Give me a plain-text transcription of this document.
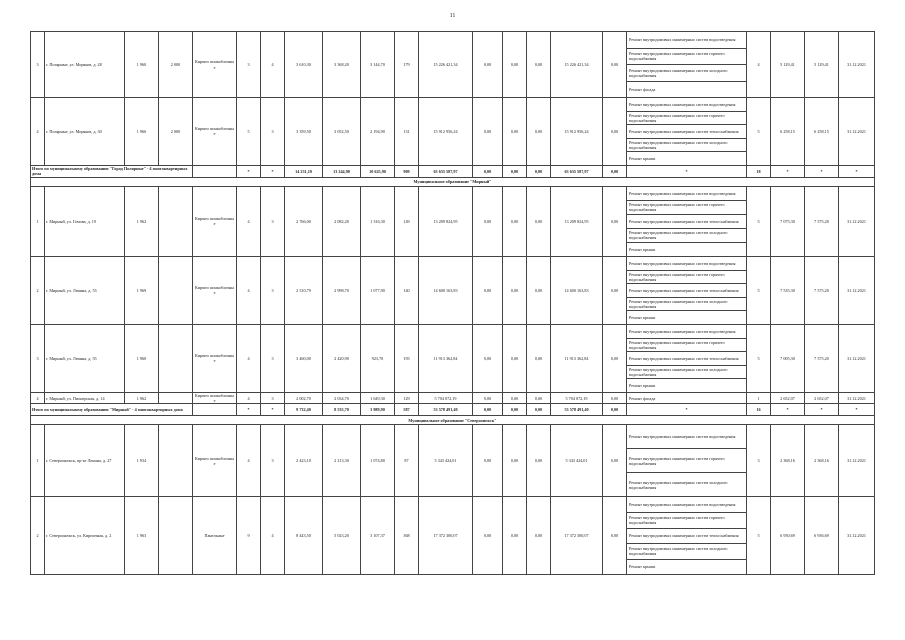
11
3	г. Полярные, ул. Моряков, д. 28	1 960	2 000	Кирпич шлакоблочны е	3	4	3 610,30	3 368,20	3 144,70	179	15 226 421,34	0,00	0,00	0,00	15 226 421,34	0,00	Ремонт внутридомовых инженерных систем водоотведения	4	5 129,41	5 129,41	31.12.2021
																	Ремонт внутридомовых инженерных систем горячего водоснабжения				
																	Ремонт внутридомовых инженерных систем холодного водоснабжения				
																	Ремонт фасада				
4	г. Полярные, ул. Моряков, д. 30	1 966	2 000	Кирпич шлакоблочны е	5	3	3 359,50	3 052,50	2 194,90	131	15 912 956,24	0,00	0,00	0,00	15 912 956,24	0,00	Ремонт внутридомовых инженерных систем водоотведения	5	6 258,15	6 258,15	31.12.2021
																	Ремонт внутридомовых инженерных систем горячего водоснабжения				
																	Ремонт внутридомовых инженерных систем теплоснабжения				
																	Ремонт внутридомовых инженерных систем холодного водоснабжения				
																	Ремонт крыши				
Итого по муниципальному образованию "Город Полярные" - 4 многоквартирных дома					*	*	14 231,10	13 244,90	10 625,90	909	63 635 587,97	0,00	0,00	0,00	63 635 587,97	0,00	*	18	*	*	*
Муниципальное образование "Мирный"																					
1	г. Мирный, ул. Гомова, д. 19	1 962		Кирпич шлакоблочны е	4	3	2 766,00	2 082,20	1 316,30	149	13 209 824,95	0,00	0,00	0,00	13 209 824,95	0,00	Ремонт внутридомовых инженерных систем водоотведения	5	7 075,30	7 575,20	31.12.2021
																	Ремонт внутридомовых инженерных систем горячего водоснабжения				
																	Ремонт внутридомовых инженерных систем теплоснабжения				
																	Ремонт внутридомовых инженерных систем холодного водоснабжения				
																	Ремонт крыши				
2	г. Мирный, ул. Ленина, д. 53	1 969		Кирпич шлакоблочны е	4	3	2 310,79	2 998,70	1 077,90	140	14 600 163,83	0,00	0,00	0,00	14 600 163,83	0,00	Ремонт внутридомовых инженерных систем водоотведения	5	7 535,30	7 575,20	31.12.2021
																	Ремонт внутридомовых инженерных систем горячего водоснабжения				
																	Ремонт внутридомовых инженерных систем теплоснабжения				
																	Ремонт внутридомовых инженерных систем холодного водоснабжения				
																	Ремонт крыши				
3	г. Мирный, ул. Ленина, д. 55	1 960		Кирпич шлакоблочны е	4	3	3 460,00	2 420,90	923,70	193	11 913 362,84	0,00	0,00	0,00	11 913 362,84	0,00	Ремонт внутридомовых инженерных систем водоотведения	5	7 005,30	7 575,20	31.12.2021
																	Ремонт внутридомовых инженерных систем горячего водоснабжения				
																	Ремонт внутридомовых инженерных систем теплоснабжения				
																	Ремонт внутридомовых инженерных систем холодного водоснабжения				
																	Ремонт крыши				
4	г. Мирный, ул. Пионерская, д. 14	1 962		Кирпич шлакоблочны е	4	3	2 002,70	2 034,70	1 649,30	129	5 704 072,19	0,00	0,00	0,00	5 704 072,19	0,00	Ремонт фасада	1	2 652,07	2 652,07	31.12.2021
Итого по муниципальному образованию "Мирный" - 4 многоквартирных дома					*	*	9 732,40	8 535,70	3 989,90	587	53 578 491,40	0,00	0,00	0,00	53 578 491,40	0,00	*	16	*	*	*
Муниципальное образование "Североонежск"																					
1	г. Североонежск, пр-кт Ленина, д. 27	1 934		Кирпич шлакоблочны е	4	3	2 423,10	2 213,30	1 074,80	87	5 343 424,01	0,00	0,00	0,00	5 343 424,01	0,00	Ремонт внутридомовых инженерных систем водоотведения	3	2 368,16	2 368,16	31.12.2021
																	Ремонт внутридомовых инженерных систем горячего водоснабжения				
																	Ремонт внутридомовых инженерных систем холодного водоснабжения				
2	г. Североонежск, ул. Кирпичная, д. 2	1 963		Панельные	9	4	8 443,50	5 023,20	3 107,37	368	17 372 300,07	0,00	0,00	0,00	17 372 300,07	0,00	Ремонт внутридомовых инженерных систем водоотведения	5	6 930,69	6 936,69	31.12.2021
																	Ремонт внутридомовых инженерных систем горячего водоснабжения				
																	Ремонт внутридомовых инженерных систем теплоснабжения				
																	Ремонт внутридомовых инженерных систем холодного водоснабжения				
																	Ремонт крыши				
